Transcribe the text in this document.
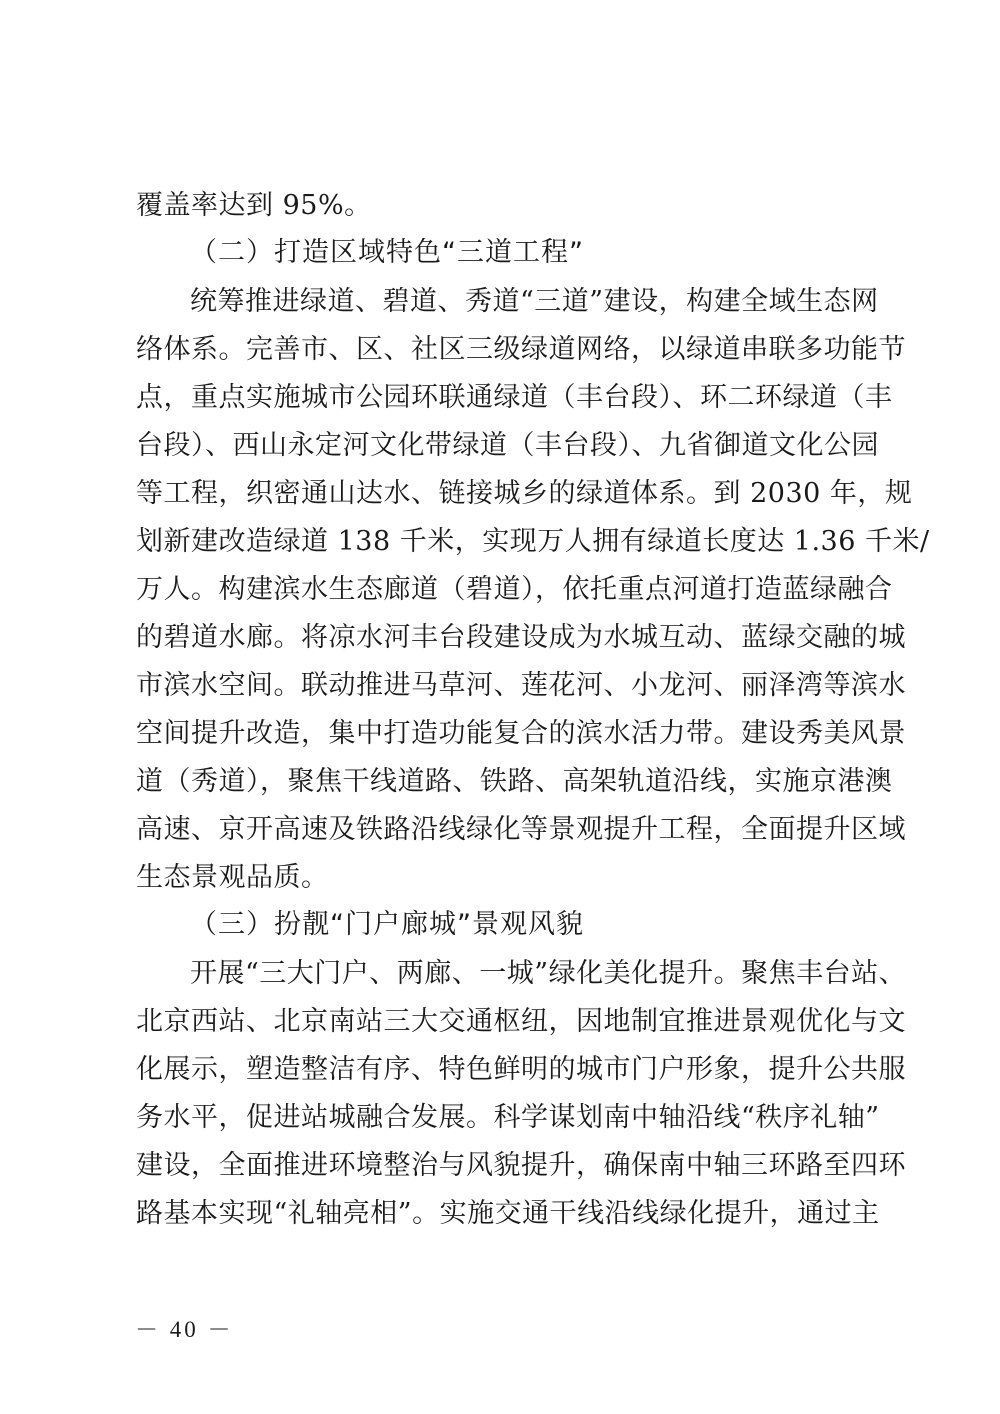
覆盖率达到 95%。
（二）打造区域特色“三道工程”
统筹推进绿道、碧道、秀道“三道”建设，构建全域生态网
络体系。完善市、区、社区三级绿道网络，以绿道串联多功能节
点，重点实施城市公园环联通绿道（丰台段）、环二环绿道（丰
台段）、西山永定河文化带绿道（丰台段）、九省御道文化公园
等工程，织密通山达水、链接城乡的绿道体系。到 2030 年，规
划新建改造绿道 138 千米，实现万人拥有绿道长度达 1.36 千米/
万人。构建滨水生态廊道（碧道），依托重点河道打造蓝绿融合
的碧道水廊。将凉水河丰台段建设成为水城互动、蓝绿交融的城
市滨水空间。联动推进马草河、莲花河、小龙河、丽泽湾等滨水
空间提升改造，集中打造功能复合的滨水活力带。建设秀美风景
道（秀道），聚焦干线道路、铁路、高架轨道沿线，实施京港澳
高速、京开高速及铁路沿线绿化等景观提升工程，全面提升区域
生态景观品质。
（三）扮靓“门户廊城”景观风貌
开展“三大门户、两廊、一城”绿化美化提升。聚焦丰台站、
北京西站、北京南站三大交通枢纽，因地制宜推进景观优化与文
化展示，塑造整洁有序、特色鲜明的城市门户形象，提升公共服
务水平，促进站城融合发展。科学谋划南中轴沿线“秩序礼轴”
建设，全面推进环境整治与风貌提升，确保南中轴三环路至四环
路基本实现“礼轴亮相”。实施交通干线沿线绿化提升，通过主
－ 40 －
